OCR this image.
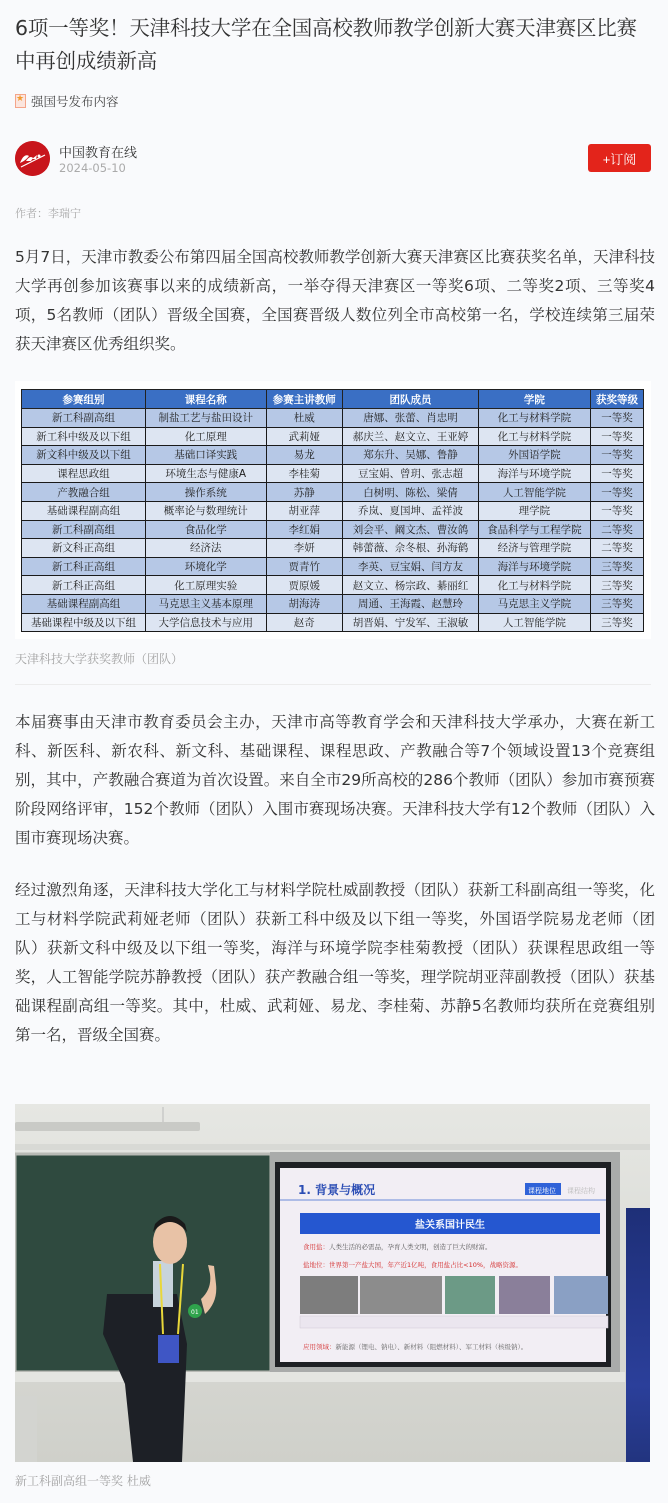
6项一等奖！天津科技大学在全国高校教师教学创新大赛天津赛区比赛中再创成绩新高
★
强国号发布内容
中国教育在线
2024-05-10
+订阅
作者：李瑞宁

5月7日，天津市教委公布第四届全国高校教师教学创新大赛天津赛区比赛获奖名单，天津科技大学再创参加该赛事以来的成绩新高，一举夺得天津赛区一等奖6项、二等奖2项、三等奖4项，5名教师（团队）晋级全国赛，全国赛晋级人数位列全市高校第一名，学校连续第三届荣获天津赛区优秀组织奖。

参赛组别	课程名称	参赛主讲教师	团队成员	学院	获奖等级
新工科副高组	制盐工艺与盐田设计	杜威	唐娜、张蕾、肖忠明	化工与材料学院	一等奖
新工科中级及以下组	化工原理	武莉娅	郝庆兰、赵文立、王亚婷	化工与材料学院	一等奖
新文科中级及以下组	基础口译实践	易龙	郑东升、吴娜、鲁静	外国语学院	一等奖
课程思政组	环境生态与健康A	李桂菊	豆宝娟、曾玥、张志超	海洋与环境学院	一等奖
产教融合组	操作系统	苏静	白树明、陈松、梁倩	人工智能学院	一等奖
基础课程副高组	概率论与数理统计	胡亚萍	乔岚、夏国坤、孟祥波	理学院	一等奖
新工科副高组	食品化学	李红娟	刘会平、阚文杰、曹汝鸽	食品科学与工程学院	二等奖
新文科正高组	经济法	李妍	韩蕾薇、佘冬根、孙海鹤	经济与管理学院	二等奖
新工科正高组	环境化学	贾青竹	李英、豆宝娟、闫方友	海洋与环境学院	三等奖
新工科正高组	化工原理实验	贾原媛	赵文立、杨宗政、綦丽红	化工与材料学院	三等奖
基础课程副高组	马克思主义基本原理	胡海涛	周通、王海霞、赵慧玲	马克思主义学院	三等奖
基础课程中级及以下组	大学信息技术与应用	赵奇	胡晋娟、宁发军、王淑敏	人工智能学院	三等奖
天津科技大学获奖教师（团队）

本届赛事由天津市教育委员会主办，天津市高等教育学会和天津科技大学承办，大赛在新工科、新医科、新农科、新文科、基础课程、课程思政、产教融合等7个领域设置13个竞赛组别，其中，产教融合赛道为首次设置。来自全市29所高校的286个教师（团队）参加市赛预赛阶段网络评审，152个教师（团队）入围市赛现场决赛。天津科技大学有12个教师（团队）入围市赛现场决赛。

经过激烈角逐，天津科技大学化工与材料学院杜威副教授（团队）获新工科副高组一等奖，化工与材料学院武莉娅老师（团队）获新工科中级及以下组一等奖，外国语学院易龙老师（团队）获新文科中级及以下组一等奖，海洋与环境学院李桂菊教授（团队）获课程思政组一等奖，人工智能学院苏静教授（团队）获产教融合组一等奖，理学院胡亚萍副教授（团队）获基础课程副高组一等奖。其中，杜威、武莉娅、易龙、李桂菊、苏静5名教师均获所在竞赛组别第一名，晋级全国赛。

1. 背景与概况	课程地位 课程结构
盐关系国计民生
食用盐：人类生活的必需品，孕育人类文明，创造了巨大的财富。
盐地位：世界第一产盐大国，年产近1亿吨，食用盐占比<10%，战略资源。
应用领域：新能源（锂电、钠电）、新材料（阻燃材料）、军工材料（核级钠）。
01
新工科副高组一等奖 杜威
